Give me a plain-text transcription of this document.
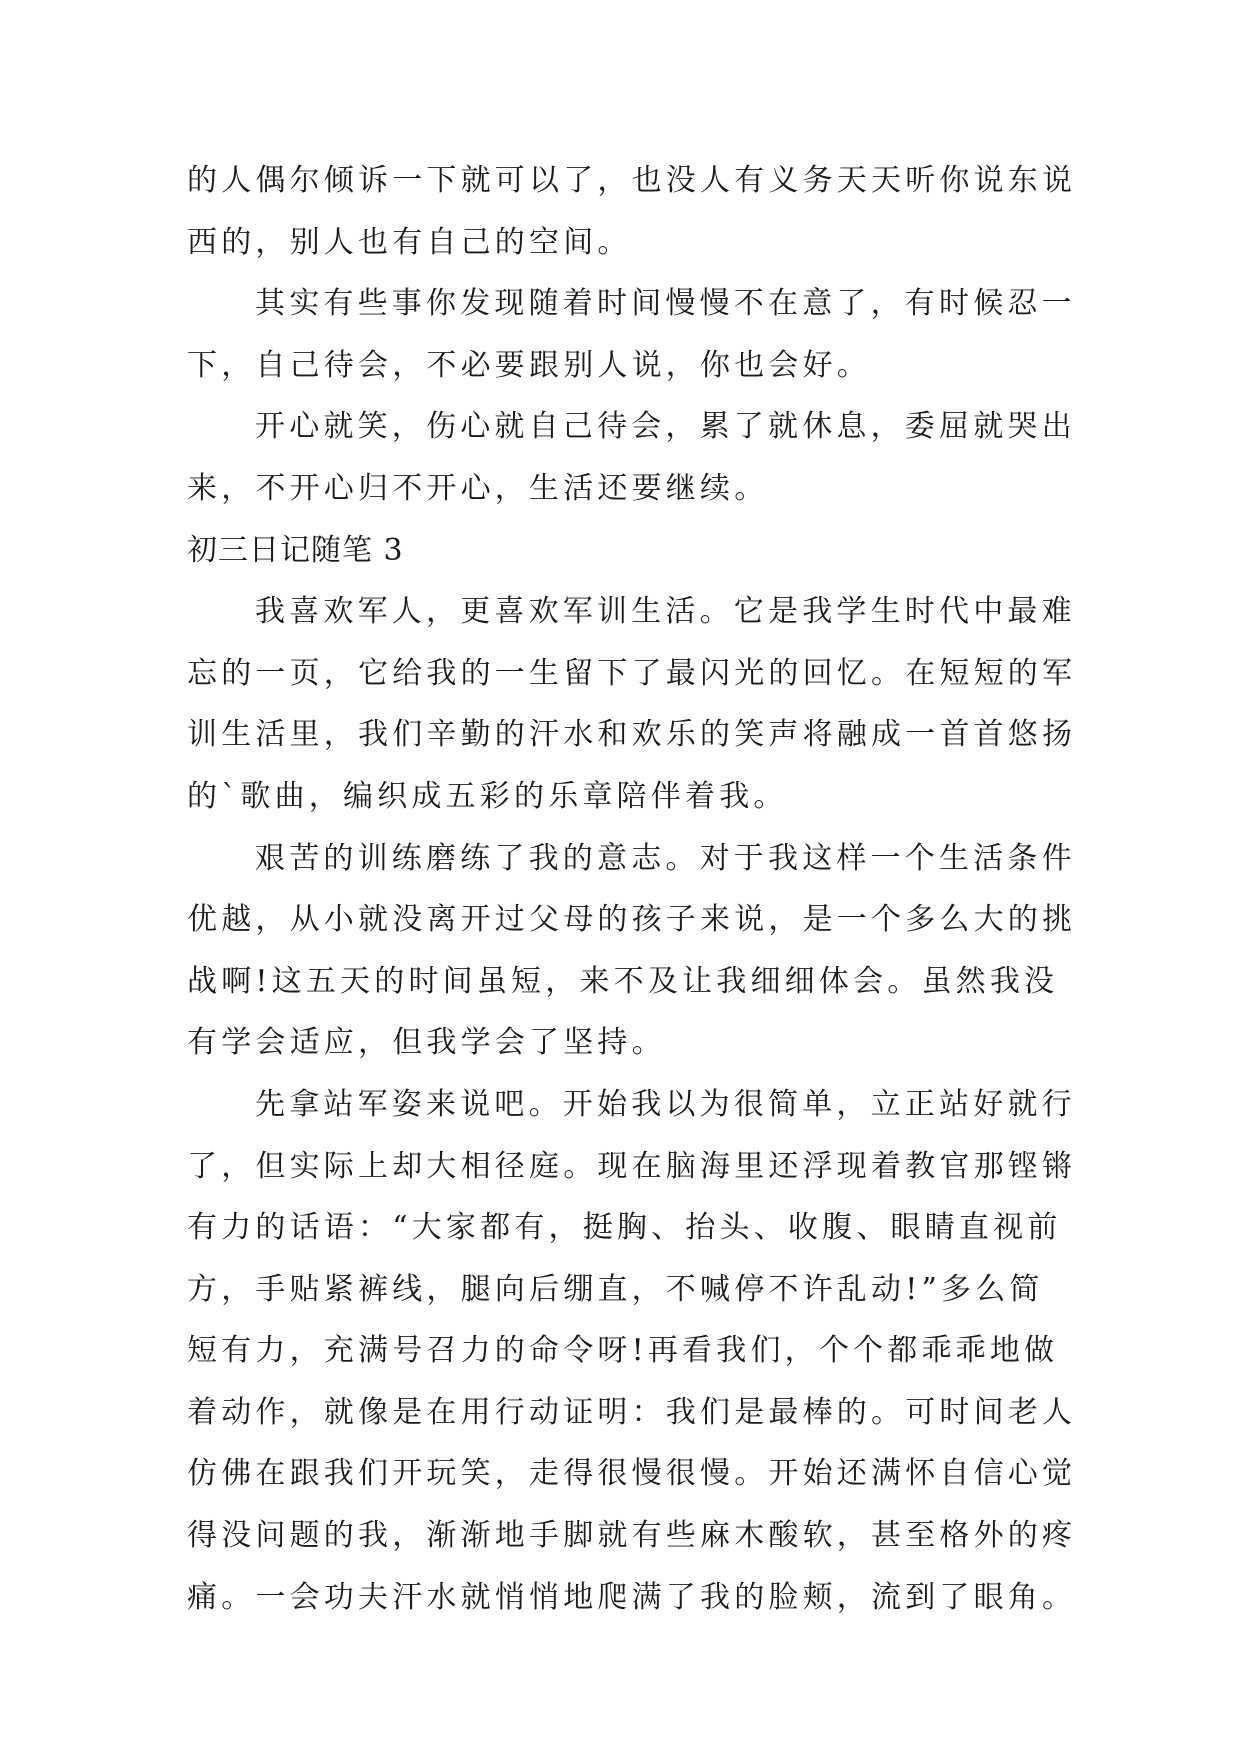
的人偶尔倾诉一下就可以了，也没人有义务天天听你说东说
西的，别人也有自己的空间。
其实有些事你发现随着时间慢慢不在意了，有时候忍一
下，自己待会，不必要跟别人说，你也会好。
开心就笑，伤心就自己待会，累了就休息，委屈就哭出
来，不开心归不开心，生活还要继续。
初三日记随笔 3
我喜欢军人，更喜欢军训生活。它是我学生时代中最难
忘的一页，它给我的一生留下了最闪光的回忆。在短短的军
训生活里，我们辛勤的汗水和欢乐的笑声将融成一首首悠扬
的`歌曲，编织成五彩的乐章陪伴着我。
艰苦的训练磨练了我的意志。对于我这样一个生活条件
优越，从小就没离开过父母的孩子来说，是一个多么大的挑
战啊!这五天的时间虽短，来不及让我细细体会。虽然我没
有学会适应，但我学会了坚持。
先拿站军姿来说吧。开始我以为很简单，立正站好就行
了，但实际上却大相径庭。现在脑海里还浮现着教官那铿锵
有力的话语：“大家都有，挺胸、抬头、收腹、眼睛直视前
方，手贴紧裤线，腿向后绷直，不喊停不许乱动!”多么简
短有力，充满号召力的命令呀!再看我们，个个都乖乖地做
着动作，就像是在用行动证明：我们是最棒的。可时间老人
仿佛在跟我们开玩笑，走得很慢很慢。开始还满怀自信心觉
得没问题的我，渐渐地手脚就有些麻木酸软，甚至格外的疼
痛。一会功夫汗水就悄悄地爬满了我的脸颊，流到了眼角。
